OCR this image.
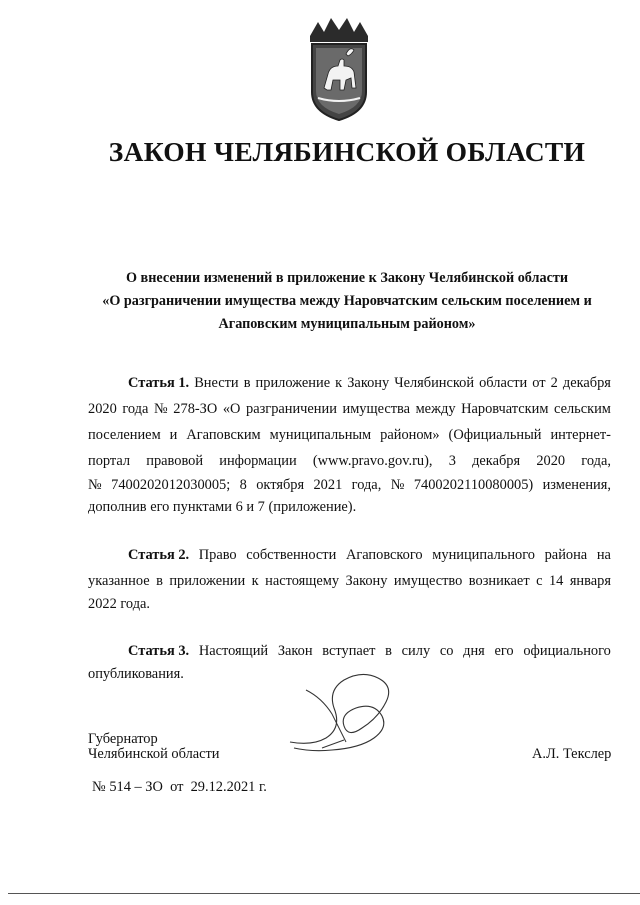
ЗАКОН ЧЕЛЯБИНСКОЙ ОБЛАСТИ
О внесении изменений в приложение к Закону Челябинской области
«О разграничении имущества между Наровчатским сельским поселением и
Агаповским муниципальным районом»
Статья 1. Внести в приложение к Закону Челябинской области от 2 декабря
2020 года № 278-ЗО «О разграничении имущества между Наровчатским сельским
поселением и Агаповским муниципальным районом» (Официальный интернет-
портал правовой информации (www.pravo.gov.ru), 3 декабря 2020 года,
№ 7400202012030005; 8 октября 2021 года, № 7400202110080005) изменения,
дополнив его пунктами 6 и 7 (приложение).
Статья 2. Право собственности Агаповского муниципального района на
указанное в приложении к настоящему Закону имущество возникает с 14 января
2022 года.
Статья 3. Настоящий Закон вступает в силу со дня его официального
опубликования.
Губернатор
Челябинской области	А.Л. Текслер
№ 514 – ЗО  от  29.12.2021 г.
